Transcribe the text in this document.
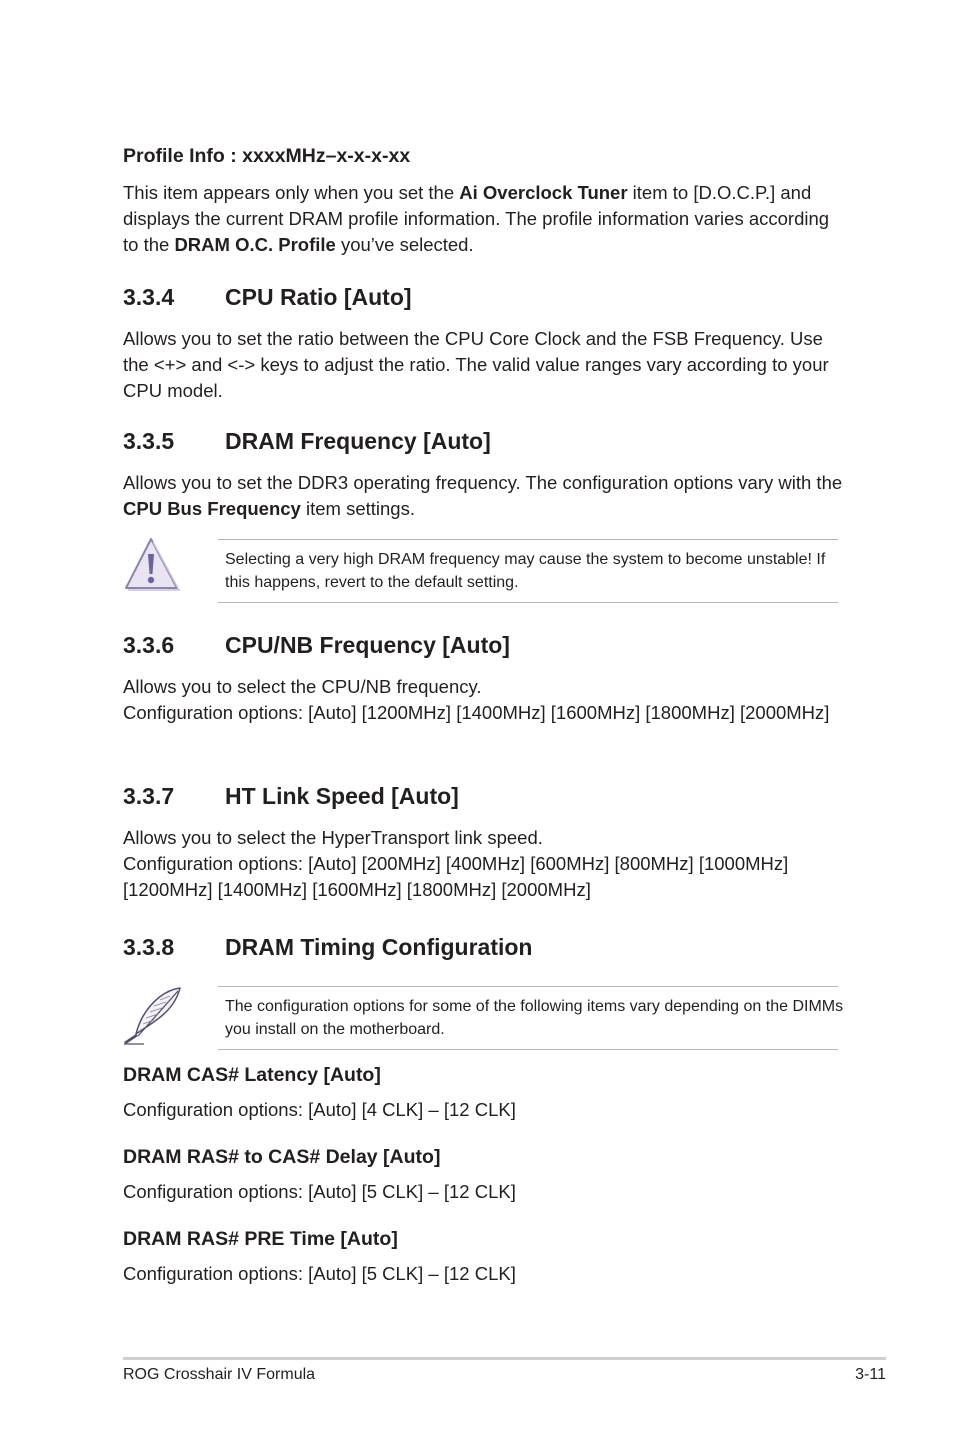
Profile Info : xxxxMHz–x-x-x-xx

This item appears only when you set the Ai Overclock Tuner item to [D.O.C.P.] and displays the current DRAM profile information. The profile information varies according to the DRAM O.C. Profile you’ve selected.

3.3.4 CPU Ratio [Auto]
Allows you to set the ratio between the CPU Core Clock and the FSB Frequency. Use the <+> and <-> keys to adjust the ratio. The valid value ranges vary according to your CPU model.
3.3.5 DRAM Frequency [Auto]

Allows you to set the DDR3 operating frequency. The configuration options vary with the CPU Bus Frequency item settings.

Selecting a very high DRAM frequency may cause the system to become unstable! If this happens, revert to the default setting.
3.3.6 CPU/NB Frequency [Auto]

Allows you to select the CPU/NB frequency.

Configuration options: [Auto] [1200MHz] [1400MHz] [1600MHz] [1800MHz] [2000MHz]

3.3.7 HT Link Speed [Auto]

Allows you to select the HyperTransport link speed.

Configuration options: [Auto] [200MHz] [400MHz] [600MHz] [800MHz] [1000MHz] [1200MHz] [1400MHz] [1600MHz] [1800MHz] [2000MHz]

3.3.8 DRAM Timing Configuration
The configuration options for some of the following items vary depending on the DIMMs you install on the motherboard.
DRAM CAS# Latency [Auto]
Configuration options: [Auto] [4 CLK] – [12 CLK]
DRAM RAS# to CAS# Delay [Auto]
Configuration options: [Auto] [5 CLK] – [12 CLK]
DRAM RAS# PRE Time [Auto]
Configuration options: [Auto] [5 CLK] – [12 CLK]
ROG Crosshair IV Formula	3-11
